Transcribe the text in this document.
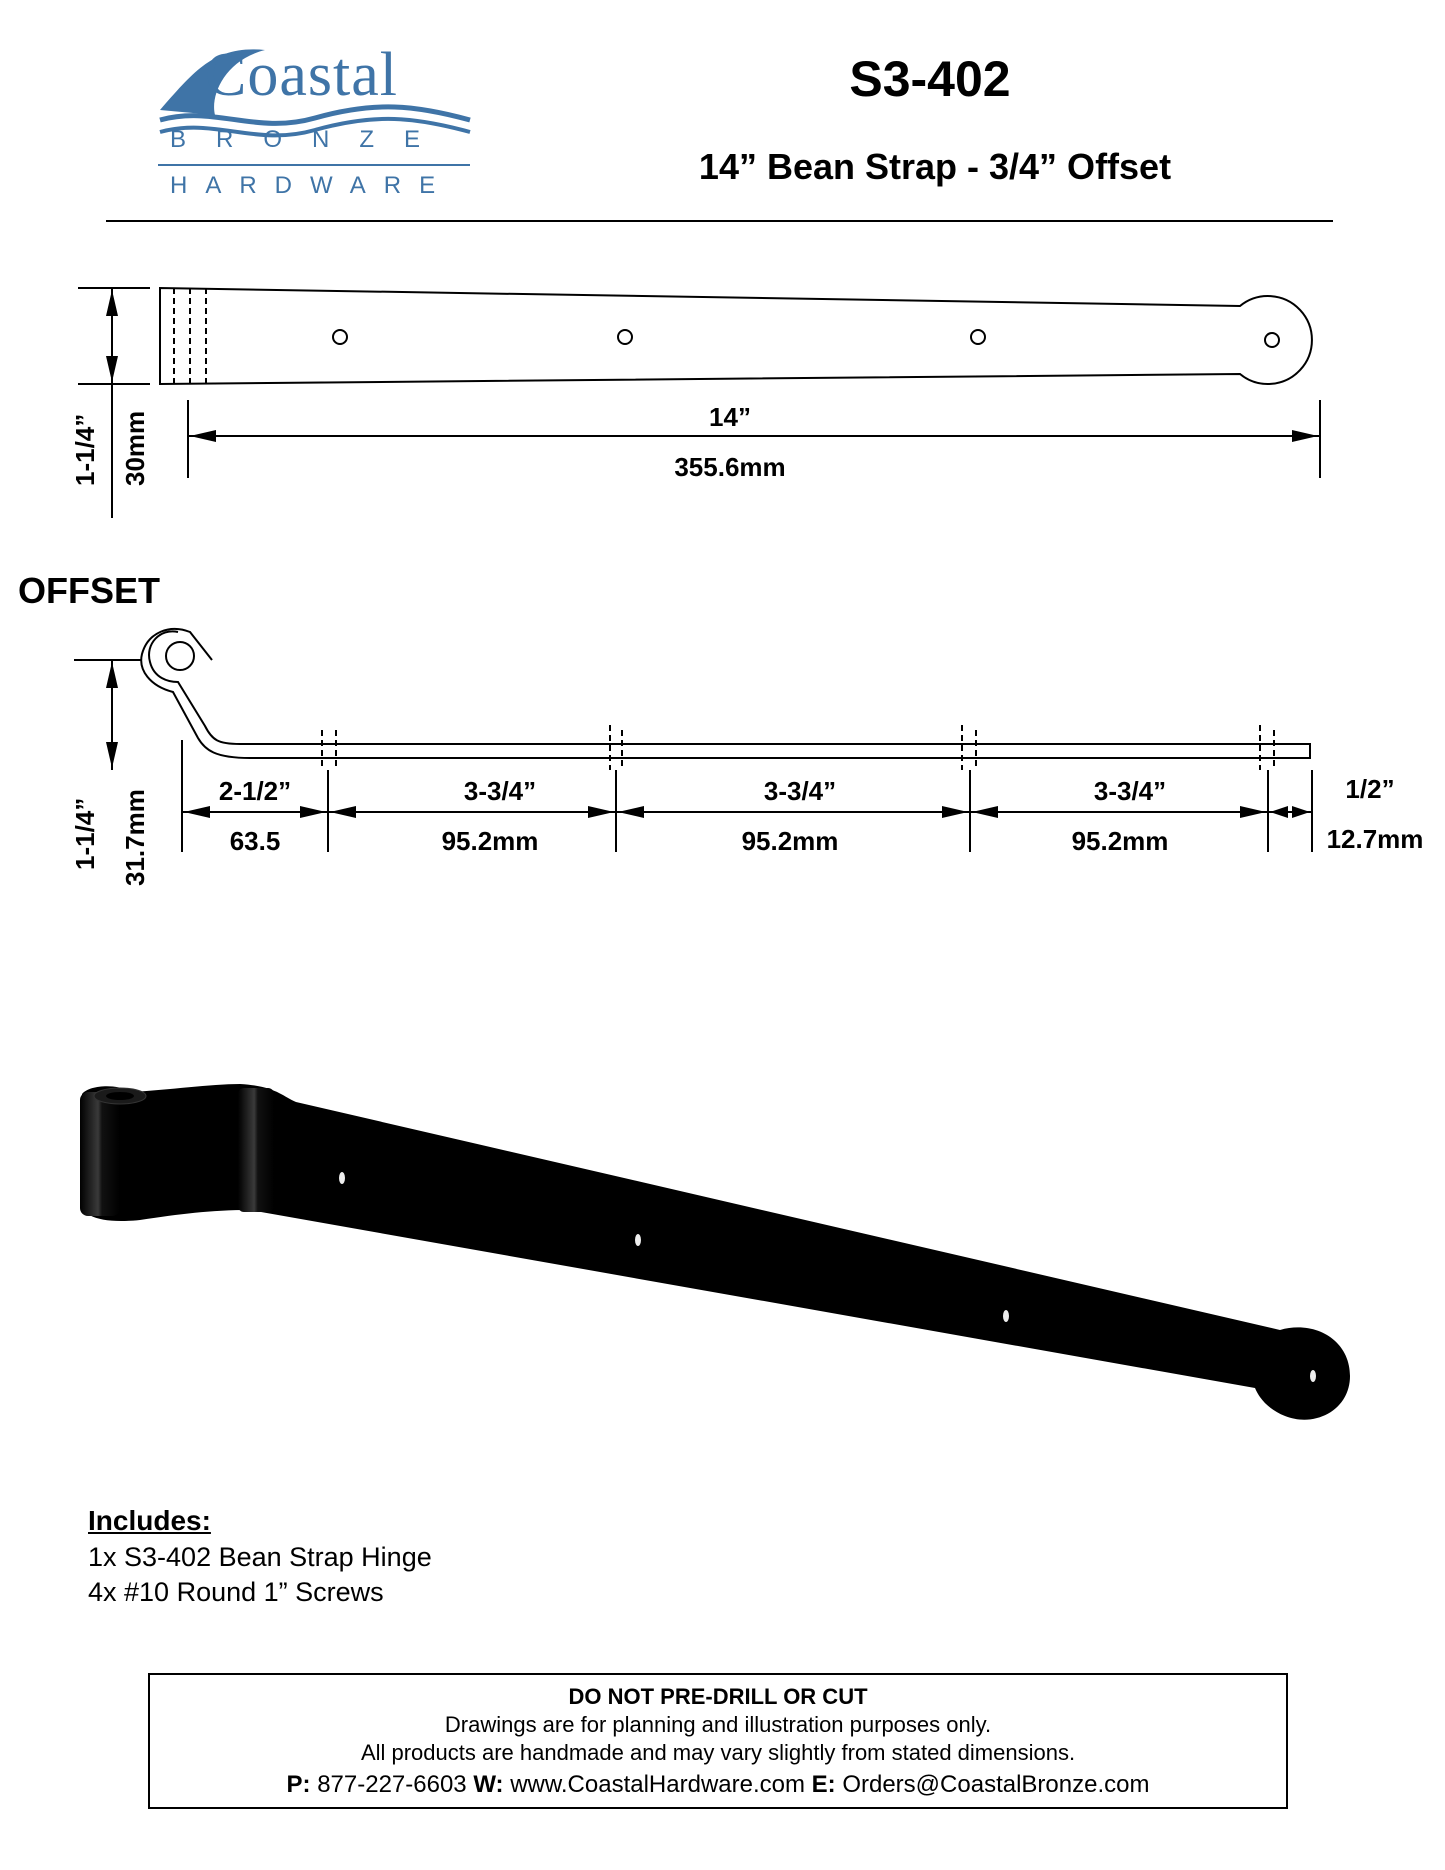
Coastal
BRONZE
HARDWARE
S3-402
14” Bean Strap - 3/4” Offset
14”
355.6mm
1-1/4” 30mm
OFFSET
1-1/4” 31.7mm	2-1/2”
63.5
3-3/4”
95.2mm
3-3/4”
95.2mm
3-3/4”
95.2mm
1/2”
12.7mm
Includes:
1x S3-402 Bean Strap Hinge
4x #10 Round 1” Screws
DO NOT PRE-DRILL OR CUT
Drawings are for planning and illustration purposes only.
All products are handmade and may vary slightly from stated dimensions.
P: 877-227-6603 W: www.CoastalHardware.com E: Orders@CoastalBronze.com
